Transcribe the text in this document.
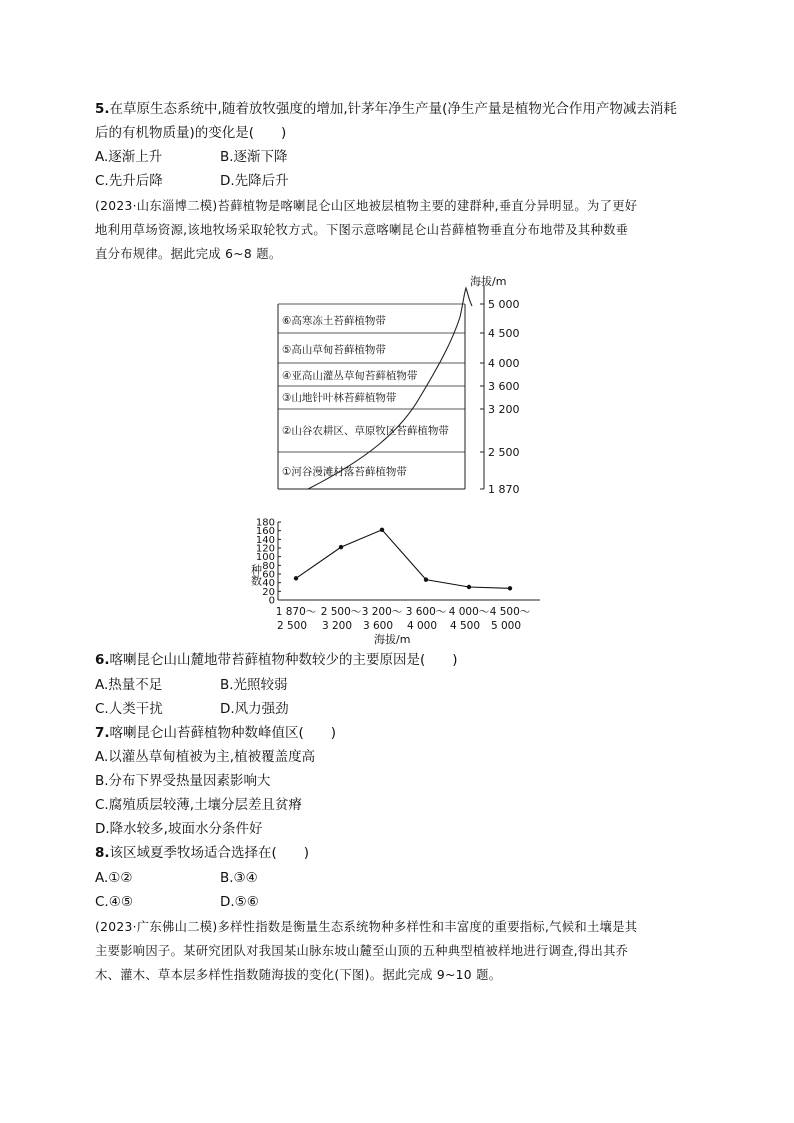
5.在草原生态系统中,随着放牧强度的增加,针茅年净生产量(净生产量是植物光合作用产物减去消耗
后的有机物质量)的变化是(　　)
A.逐渐上升	B.逐渐下降
C.先升后降	D.先降后升
(2023·山东淄博二模)苔藓植物是喀喇昆仑山区地被层植物主要的建群种,垂直分异明显。为了更好
地利用草场资源,该地牧场采取轮牧方式。下图示意喀喇昆仑山苔藓植物垂直分布地带及其种数垂
直分布规律。据此完成 6~8 题。
海拔/m
5 000
4 500
4 000
3 600
3 200
2 500
1 870
⑥高寒冻土苔藓植物带
⑤高山草甸苔藓植物带
④亚高山灌丛草甸苔藓植物带
③山地针叶林苔藓植物带
②山谷农耕区、草原牧区苔藓植物带
①河谷漫滩村落苔藓植物带
种数
180
160
140
120
100
80
60
40
20
0
1 870～
2 500
2 500～
3 200
3 200～
3 600
3 600～
4 000
4 000～
4 500
4 500～
5 000
海拔/m
6.喀喇昆仑山山麓地带苔藓植物种数较少的主要原因是(　　)
A.热量不足	B.光照较弱
C.人类干扰	D.风力强劲
7.喀喇昆仑山苔藓植物种数峰值区(　　)
A.以灌丛草甸植被为主,植被覆盖度高
B.分布下界受热量因素影响大
C.腐殖质层较薄,土壤分层差且贫瘠
D.降水较多,坡面水分条件好
8.该区域夏季牧场适合选择在(　　)
A.①②	B.③④
C.④⑤	D.⑤⑥
(2023·广东佛山二模)多样性指数是衡量生态系统物种多样性和丰富度的重要指标,气候和土壤是其
主要影响因子。某研究团队对我国某山脉东坡山麓至山顶的五种典型植被样地进行调查,得出其乔
木、灌木、草本层多样性指数随海拔的变化(下图)。据此完成 9~10 题。
